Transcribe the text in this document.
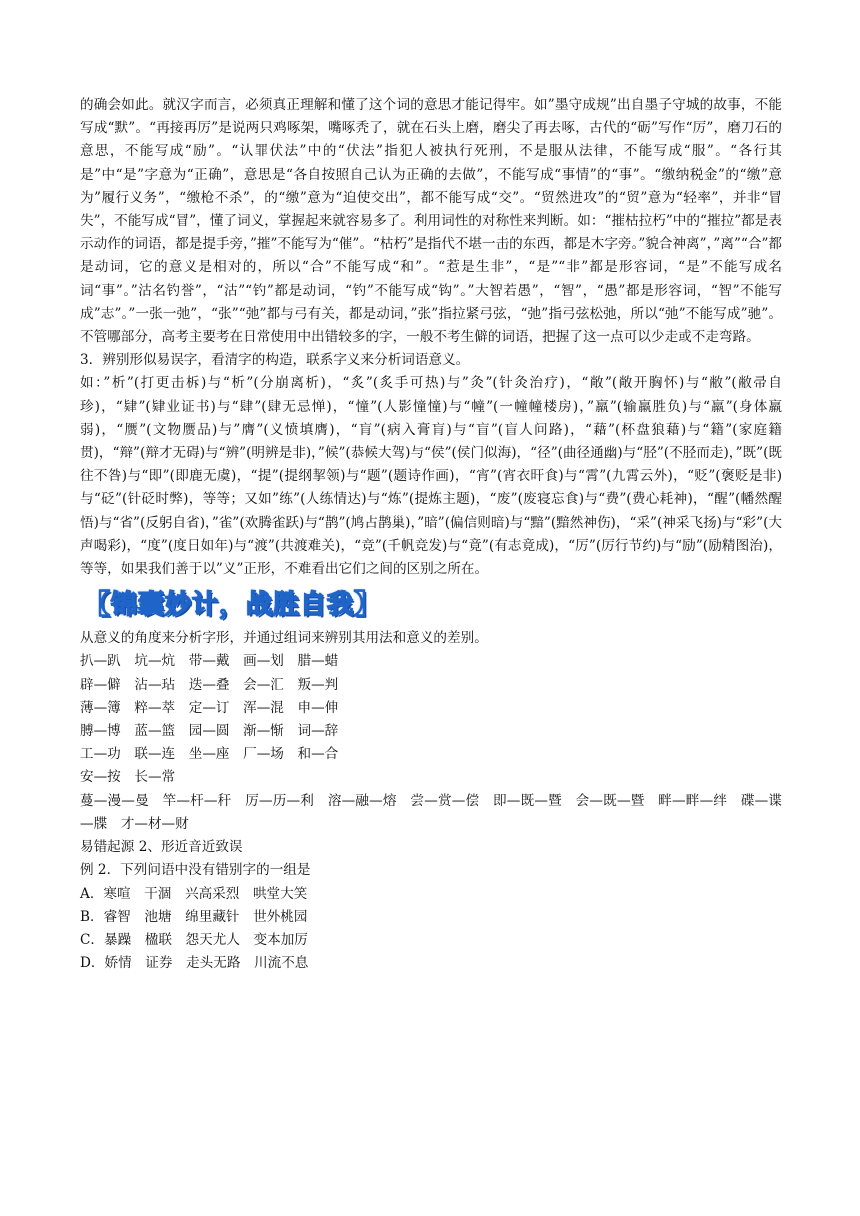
的确会如此。就汉字而言，必须真正理解和懂了这个词的意思才能记得牢。如”墨守成规”出自墨子守城的故事，不能写成“默”。“再接再厉”是说两只鸡啄架，嘴啄秃了，就在石头上磨，磨尖了再去啄，古代的“砺”写作“厉”，磨刀石的意思，不能写成“励”。“认罪伏法”中的“伏法”指犯人被执行死刑，不是服从法律，不能写成“服”。“各行其是”中“是”字意为“正确”，意思是“各自按照自己认为正确的去做”，不能写成“事情”的“事”。“缴纳税金”的“缴”意为”履行义务”，“缴枪不杀”，的“缴”意为“迫使交出”，都不能写成“交”。“贸然进攻”的“贸”意为“轻率”，并非“冒失”，不能写成“冒”，懂了词义，掌握起来就容易多了。利用词性的对称性来判断。如：“摧枯拉朽”中的“摧拉”都是表示动作的词语，都是提手旁，”摧”不能写为“催”。“枯朽”是指代不堪一击的东西，都是木字旁。”貌合神离”，”离”“合”都是动词，它的意义是相对的，所以“合”不能写成“和”。“惹是生非”，“是”“非”都是形容词，“是”不能写成名词“事”。”沽名钓誉”，“沽”“钓”都是动词，“钓”不能写成“钩”。”大智若愚”，“智”，“愚”都是形容词，“智”不能写成”志”。”一张一弛”，“张”“弛”都与弓有关，都是动词，”张”指拉紧弓弦，“弛”指弓弦松弛，所以“弛”不能写成”驰”。不管哪部分，高考主要考在日常使用中出错较多的字，一般不考生僻的词语，把握了这一点可以少走或不走弯路。

3．辨别形似易误字，看清字的构造，联系字义来分析词语意义。

如：”析”(打更击柝)与“析”(分崩离析)，“炙”(炙手可热)与”灸”(针灸治疗)，“敞”(敞开胸怀)与“敝”(敝帚自珍)，“肄”(肄业证书)与“肆”(肆无忌惮)，“憧”(人影憧憧)与“幢”(一幢幢楼房)，”羸”(输羸胜负)与“羸”(身体羸弱)，“赝”(文物赝品)与”膺”(义愤填膺)，“肓”(病入膏肓)与“盲”(盲人问路)，“藉”(杯盘狼藉)与“籍”(家庭籍贯)，“辩”(辩才无碍)与“辨”(明辨是非)，”候”(恭候大驾)与“侯”(侯门似海)，“径”(曲径通幽)与“胫”(不胫而走)，”既”(既往不咎)与“即”(即鹿无虞)，“提”(提纲挈领)与“题”(题诗作画)，“宵”(宵衣旰食)与“霄”(九霄云外)，“贬”(褒贬是非)与“砭”(针砭时弊)，等等；又如”练”(人练情达)与“炼”(提炼主题)，“废”(废寝忘食)与“费”(费心耗神)，“醒”(幡然醒悟)与“省”(反躬自省)，”雀”(欢腾雀跃)与“鹊”(鸠占鹊巢)，”暗”(偏信则暗)与“黯”(黯然神伤)，“采”(神采飞扬)与“彩”(大声喝彩)，“度”(度日如年)与“渡”(共渡难关)，“竞”(千帆竞发)与“竟”(有志竟成)，“厉”(厉行节约)与“励”(励精图治)，等等，如果我们善于以”义”正形，不难看出它们之间的区别之所在。

【锦囊妙计，战胜自我】

从意义的角度来分析字形，并通过组词来辨别其用法和意义的差别。

扒—趴　坑—炕　带—戴　画—划　腊—蜡
辟—僻　沾—玷　迭—叠　会—汇　叛—判
薄—簿　粹—萃　定—订　浑—混　申—伸
膊—博　蓝—篮　园—圆　渐—惭　词—辞
工—功　联—连　坐—座　厂—场　和—合
安—按　长—常

蔓—漫—曼　竿—杆—秆　厉—历—利　溶—融—熔　尝—赏—偿　即—既—暨　会—既—暨　畔—畔—绊　碟—谍—牒　才—材—财

易错起源 2、形近音近致误
例 2．下列问语中没有错别字的一组是
A．寒喧　干涸　兴高采烈　哄堂大笑
B．睿智　池塘　绵里藏针　世外桃园
C．暴躁　楹联　怨天尤人　变本加厉
D．娇情　证券　走头无路　川流不息
